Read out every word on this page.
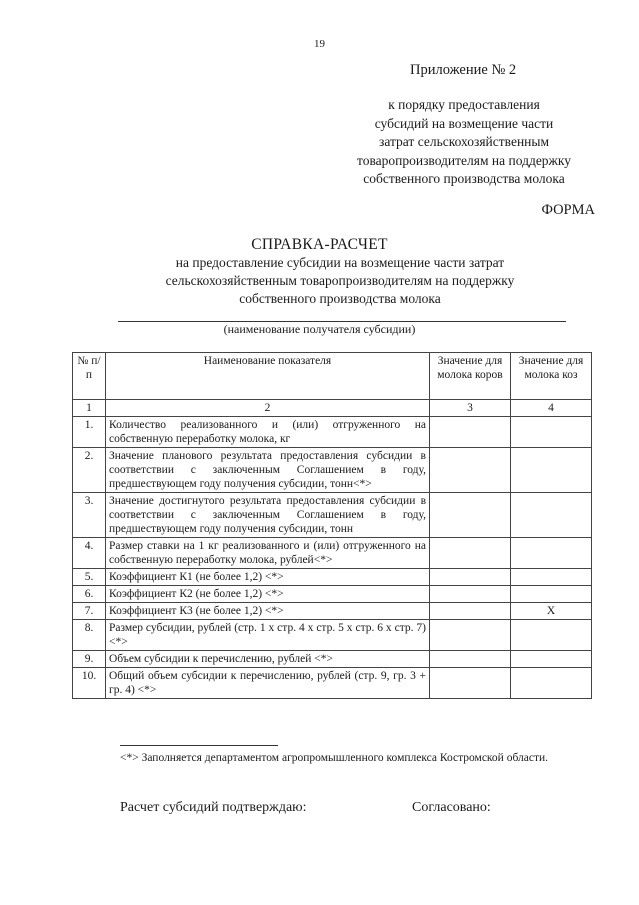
19
Приложение № 2
к порядку предоставления
субсидий на возмещение части
затрат сельскохозяйственным
товаропроизводителям на поддержку
собственного производства молока
ФОРМА
СПРАВКА-РАСЧЕТ
на предоставление субсидии на возмещение части затрат
сельскохозяйственным товаропроизводителям на поддержку
собственного производства молока
(наименование получателя субсидии)
№ п/п	Наименование показателя	Значение для молока коров	Значение для молока коз
1	2	3	4
1.	Количество реализованного и (или) отгруженного на собственную переработку молока, кг		
2.	Значение планового результата предоставления субсидии в соответствии с заключенным Соглашением в году, предшествующем году получения субсидии, тонн<*>		
3.	Значение достигнутого результата предоставления субсидии в соответствии с заключенным Соглашением в году, предшествующем году получения субсидии, тонн		
4.	Размер ставки на 1 кг реализованного и (или) отгруженного на собственную переработку молока, рублей<*>		
5.	Коэффициент К1 (не более 1,2) <*>		
6.	Коэффициент К2 (не более 1,2) <*>		
7.	Коэффициент К3 (не более 1,2) <*>		X
8.	Размер субсидии, рублей (стр. 1 х стр. 4 х стр. 5 х стр. 6 х стр. 7) <*>		
9.	Объем субсидии к перечислению, рублей <*>		
10.	Общий объем субсидии к перечислению, рублей (стр. 9, гр. 3 + гр. 4) <*>		
<*> Заполняется департаментом агропромышленного комплекса Костромской области.
Расчет субсидий подтверждаю:	Согласовано:
